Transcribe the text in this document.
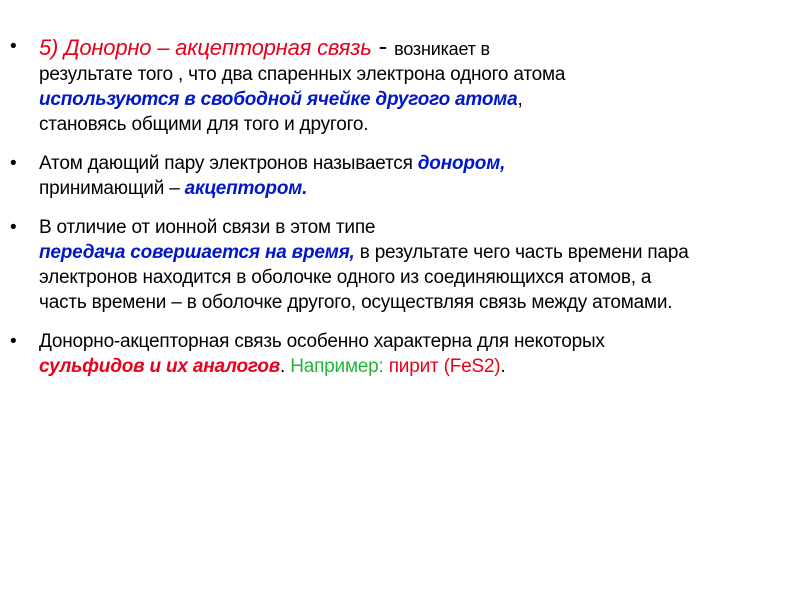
• 5) Донорно – акцепторная связь - возникает в
результате того , что два спаренных электрона одного атома
используются в свободной ячейке другого атома,
становясь общими для того и другого.
• Атом дающий пару электронов называется донором,
принимающий – акцептором.
• В отличие от ионной связи в этом типе
передача совершается на время, в результате чего часть времени пара электронов находится в оболочке одного из соединяющихся атомов, а часть времени – в оболочке другого, осуществляя связь между атомами.
• Донорно-акцепторная связь особенно характерна для некоторых сульфидов и их аналогов. Например: пирит (FeS2).
